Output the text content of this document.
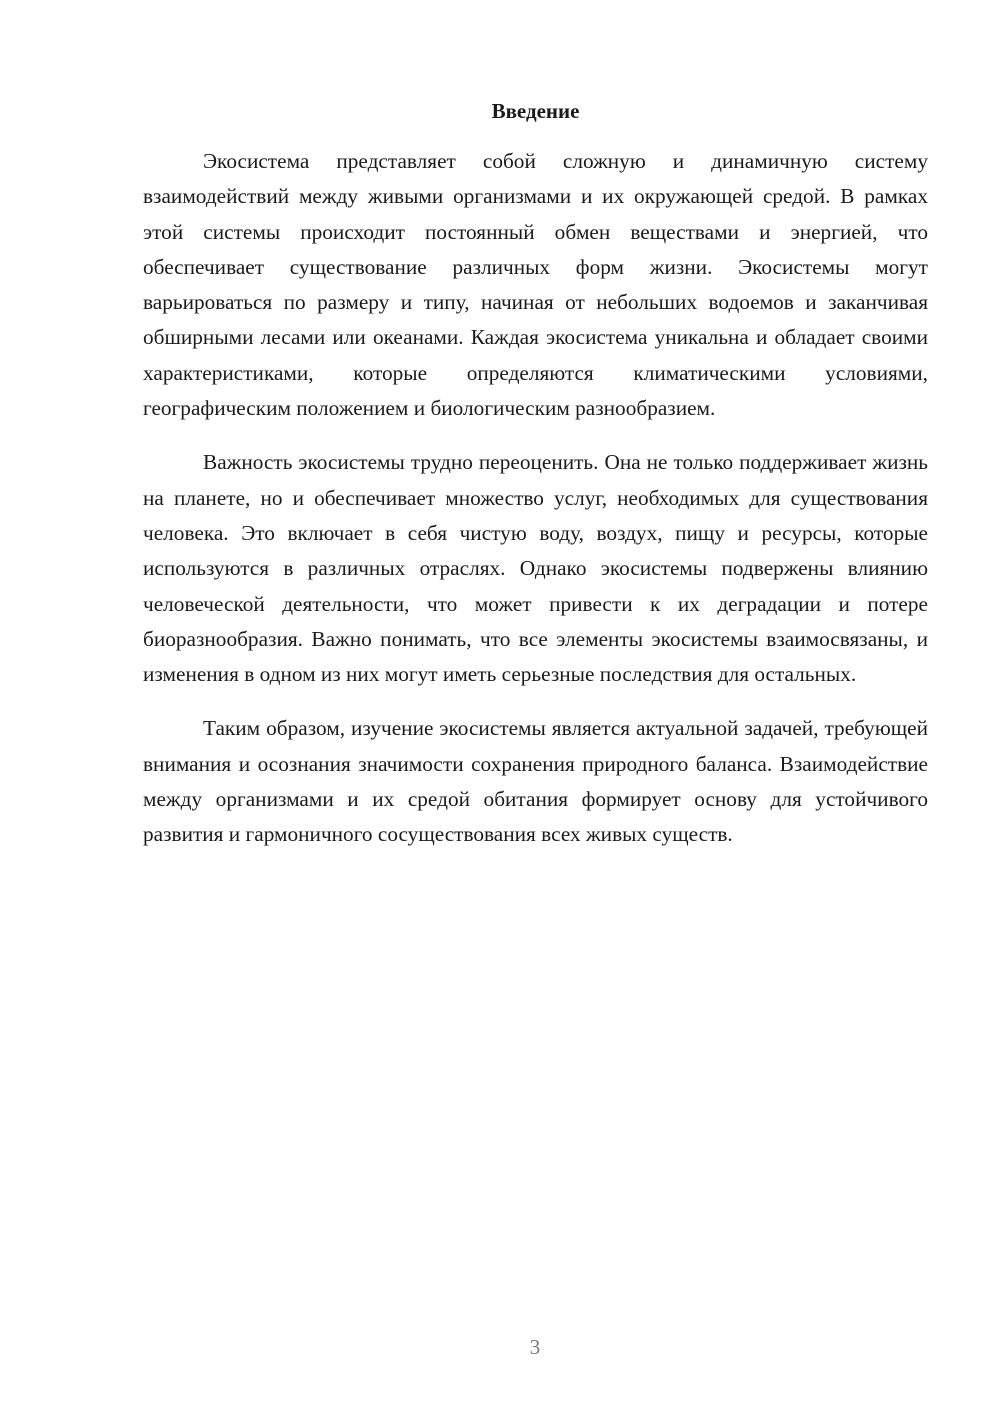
Введение

Экосистема представляет собой сложную и динамичную систему взаимодействий между живыми организмами и их окружающей средой. В рамках этой системы происходит постоянный обмен веществами и энергией, что обеспечивает существование различных форм жизни. Экосистемы могут варьироваться по размеру и типу, начиная от небольших водоемов и заканчивая обширными лесами или океанами. Каждая экосистема уникальна и обладает своими характеристиками, которые определяются климатическими условиями, географическим положением и биологическим разнообразием.

Важность экосистемы трудно переоценить. Она не только поддерживает жизнь на планете, но и обеспечивает множество услуг, необходимых для существования человека. Это включает в себя чистую воду, воздух, пищу и ресурсы, которые используются в различных отраслях. Однако экосистемы подвержены влиянию человеческой деятельности, что может привести к их деградации и потере биоразнообразия. Важно понимать, что все элементы экосистемы взаимосвязаны, и изменения в одном из них могут иметь серьезные последствия для остальных.

Таким образом, изучение экосистемы является актуальной задачей, требующей внимания и осознания значимости сохранения природного баланса. Взаимодействие между организмами и их средой обитания формирует основу для устойчивого развития и гармоничного сосуществования всех живых существ.

3
